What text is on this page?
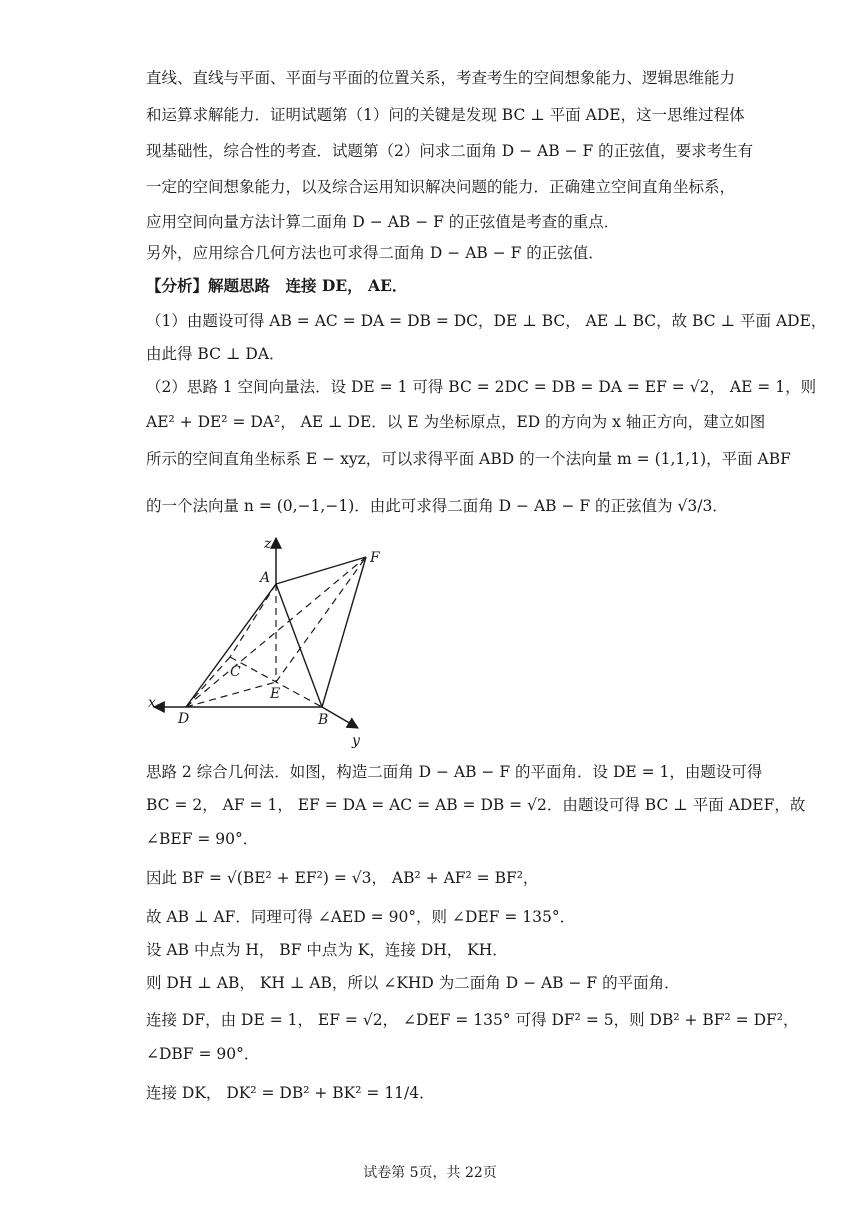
直线、直线与平面、平面与平面的位置关系，考查考生的空间想象能力、逻辑思维能力
和运算求解能力．证明试题第（1）问的关键是发现 BC ⊥ 平面 ADE，这一思维过程体
现基础性，综合性的考查．试题第（2）问求二面角 D − AB − F 的正弦值，要求考生有
一定的空间想象能力，以及综合运用知识解决问题的能力．正确建立空间直角坐标系，
应用空间向量方法计算二面角 D − AB − F 的正弦值是考查的重点．
另外，应用综合几何方法也可求得二面角 D − AB − F 的正弦值．
【分析】解题思路　连接 DE， AE．
（1）由题设可得 AB = AC = DA = DB = DC，DE ⊥ BC， AE ⊥ BC，故 BC ⊥ 平面 ADE，
由此得 BC ⊥ DA．
（2）思路 1 空间向量法．设 DE = 1 可得 BC = 2DC = DB = DA = EF = √2， AE = 1，则
AE² + DE² = DA²， AE ⊥ DE．以 E 为坐标原点，ED 的方向为 x 轴正方向，建立如图
所示的空间直角坐标系 E − xyz，可以求得平面 ABD 的一个法向量 m = (1,1,1)，平面 ABF
的一个法向量 n = (0,−1,−1)．由此可求得二面角 D − AB − F 的正弦值为 √3/3．
z
A
F
C
E
x
D	B
y
思路 2 综合几何法．如图，构造二面角 D − AB − F 的平面角．设 DE = 1，由题设可得
BC = 2， AF = 1， EF = DA = AC = AB = DB = √2．由题设可得 BC ⊥ 平面 ADEF，故
∠BEF = 90°．
因此 BF = √(BE² + EF²) = √3， AB² + AF² = BF²，
故 AB ⊥ AF．同理可得 ∠AED = 90°，则 ∠DEF = 135°．
设 AB 中点为 H， BF 中点为 K，连接 DH， KH．
则 DH ⊥ AB， KH ⊥ AB，所以 ∠KHD 为二面角 D − AB − F 的平面角．
连接 DF，由 DE = 1， EF = √2， ∠DEF = 135° 可得 DF² = 5，则 DB² + BF² = DF²，
∠DBF = 90°．
连接 DK， DK² = DB² + BK² = 11/4．
试卷第 5页，共 22页
